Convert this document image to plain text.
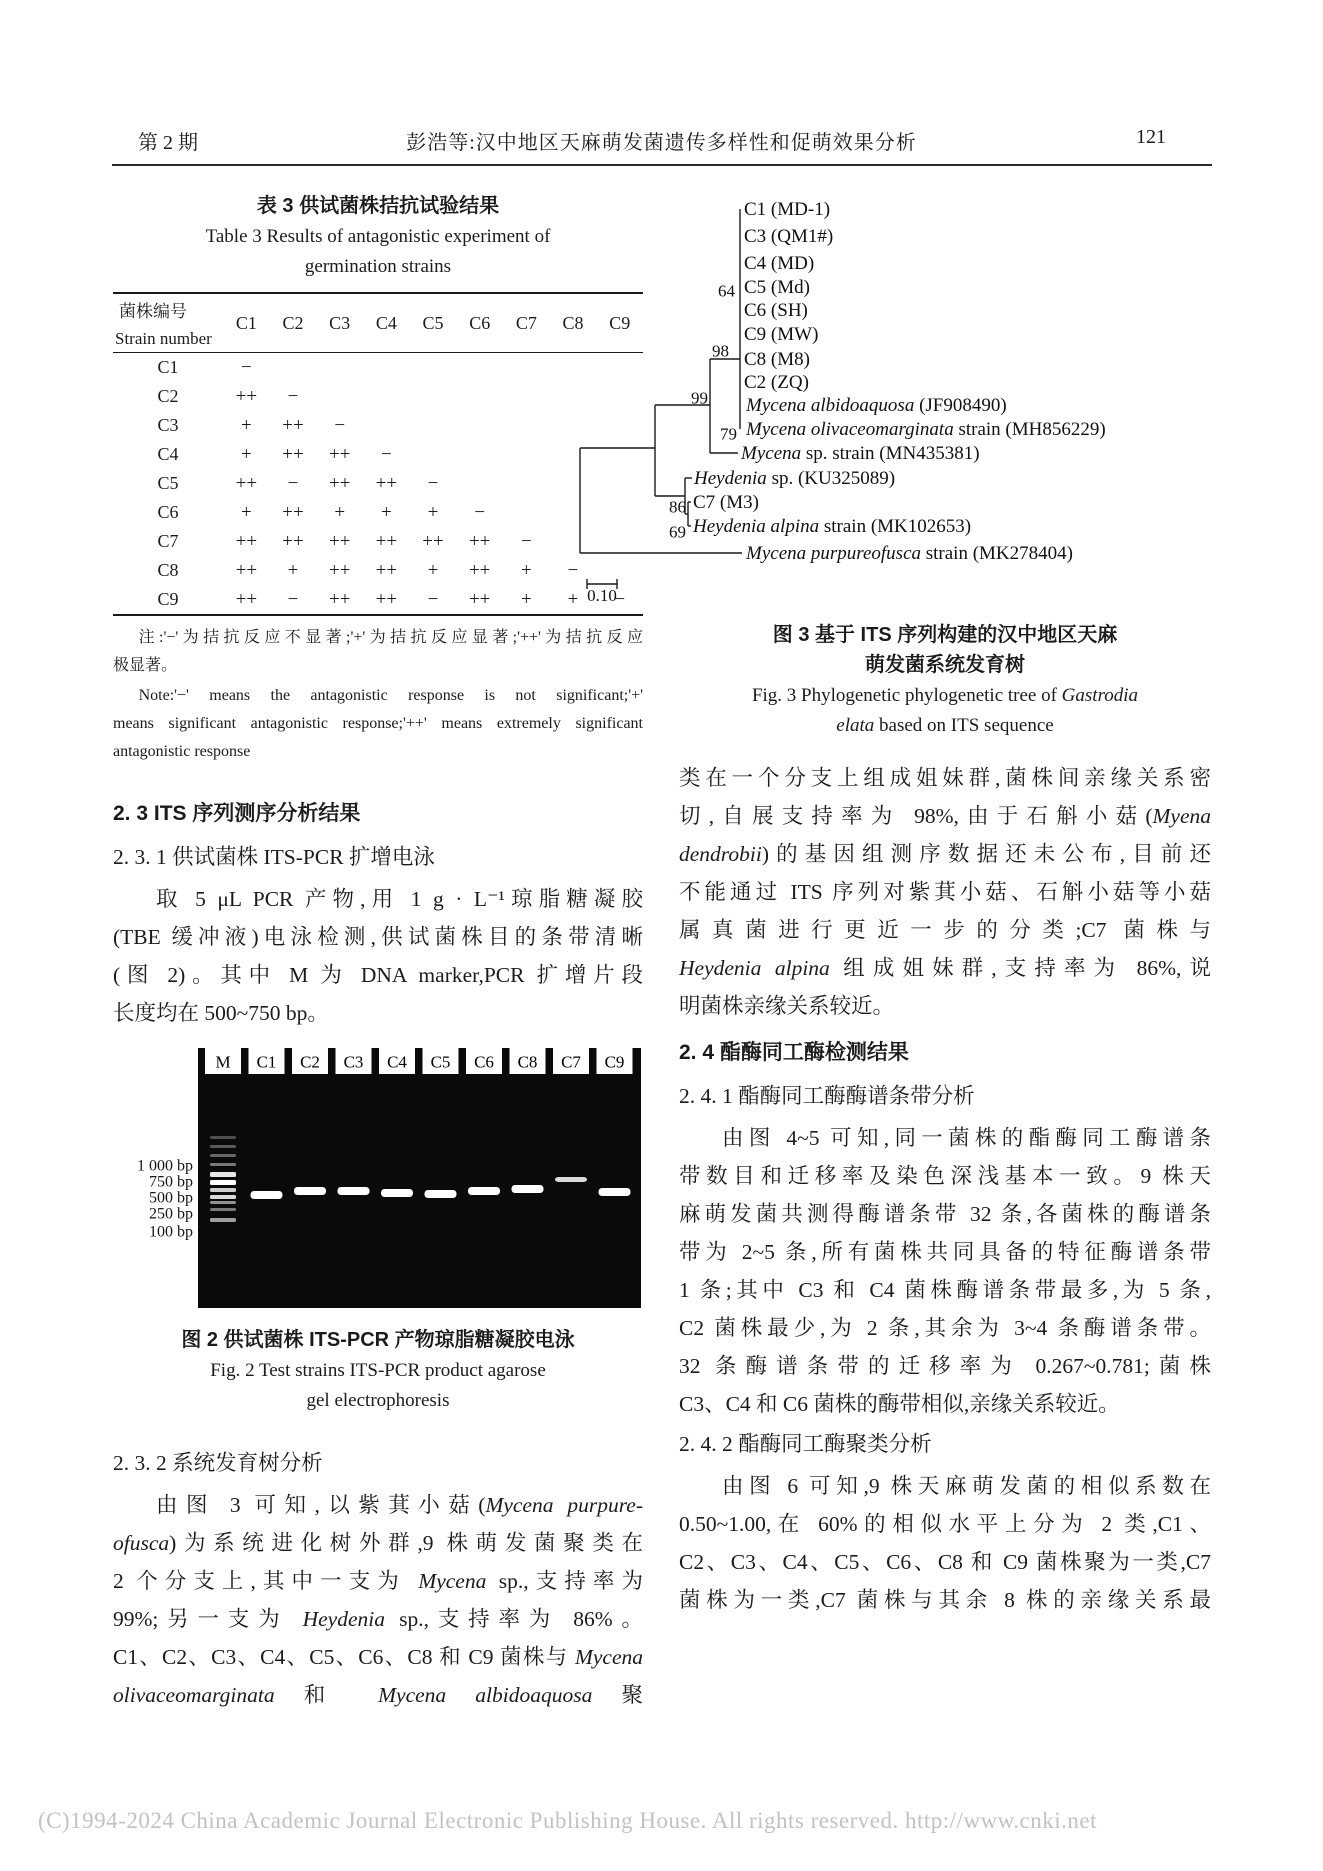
第 2 期	彭浩等:汉中地区天麻萌发菌遗传多样性和促萌效果分析	121
表 3 供试菌株拮抗试验结果
Table 3 Results of antagonistic experiment of
germination strains
菌株编号
Strain number
C1	C2	C3	C4	C5	C6	C7	C8	C9
C1	−
C2	++	−
C3	+	++	−
C4	+	++	++	−
C5	++	−	++	++	−
C6	+	++	+	+	+	−
C7	++	++	++	++	++	++	−
C8	++	+	++	++	+	++	+	−
C9	++	−	++	++	−	++	+	+	−
注:'−'为拮抗反应不显著;'+'为拮抗反应显著;'++'为拮抗反应
极显著。
Note:'−' means the antagonistic response is not significant;'+'
means significant antagonistic response;'++' means extremely significant
antagonistic response
2. 3 ITS 序列测序分析结果
2. 3. 1 供试菌株 ITS-PCR 扩增电泳
取 5 μL PCR 产物,用 1 g · L⁻¹琼脂糖凝胶
(TBE 缓冲液)电泳检测,供试菌株目的条带清晰
(图 2)。其中 M 为 DNA marker,PCR 扩增片段
长度均在 500~750 bp。
M C1 C2 C3 C4 C5 C6 C8 C7 C9
1 000 bp
750 bp
500 bp
250 bp
100 bp
图 2 供试菌株 ITS-PCR 产物琼脂糖凝胶电泳
Fig. 2 Test strains ITS-PCR product agarose
gel electrophoresis
2. 3. 2 系统发育树分析
由图 3 可知,以紫萁小菇(Mycena purpure-
ofusca)为系统进化树外群,9 株萌发菌聚类在
2 个分支上,其中一支为 Mycena sp.,支持率为
99%;另一支为 Heydenia sp.,支持率为 86%。
C1、C2、C3、C4、C5、C6、C8 和 C9 菌株与 Mycena
olivaceomarginata 和 Mycena albidoaquosa 聚
C1 (MD-1)
C3 (QM1#)
C4 (MD)
C5 (Md)
C6 (SH)
C9 (MW)
C8 (M8)
C2 (ZQ)
Mycena albidoaquosa (JF908490)
Mycena olivaceomarginata strain (MH856229)
Mycena sp. strain (MN435381)
Heydenia sp. (KU325089)
C7 (M3)
Heydenia alpina strain (MK102653)
Mycena purpureofusca strain (MK278404)
64
98
99
79
86
69
0.10
图 3 基于 ITS 序列构建的汉中地区天麻
萌发菌系统发育树
Fig. 3 Phylogenetic phylogenetic tree of Gastrodia
elata based on ITS sequence
类在一个分支上组成姐妹群,菌株间亲缘关系密
切,自展支持率为 98%,由于石斛小菇(Myena
dendrobii)的基因组测序数据还未公布,目前还
不能通过 ITS 序列对紫萁小菇、石斛小菇等小菇
属真菌进行更近一步的分类;C7 菌株与
Heydenia alpina 组成姐妹群,支持率为 86%,说
明菌株亲缘关系较近。
2. 4 酯酶同工酶检测结果
2. 4. 1 酯酶同工酶酶谱条带分析
由图 4~5 可知,同一菌株的酯酶同工酶谱条
带数目和迁移率及染色深浅基本一致。9 株天
麻萌发菌共测得酶谱条带 32 条,各菌株的酶谱条
带为 2~5 条,所有菌株共同具备的特征酶谱条带
1 条;其中 C3 和 C4 菌株酶谱条带最多,为 5 条,
C2 菌株最少,为 2 条,其余为 3~4 条酶谱条带。
32 条酶谱条带的迁移率为 0.267~0.781;菌株
C3、C4 和 C6 菌株的酶带相似,亲缘关系较近。
2. 4. 2 酯酶同工酶聚类分析
由图 6 可知,9 株天麻萌发菌的相似系数在
0.50~1.00,在 60%的相似水平上分为 2 类,C1、
C2、C3、C4、C5、C6、C8 和 C9 菌株聚为一类,C7
菌株为一类,C7 菌株与其余 8 株的亲缘关系最
(C)1994-2024 China Academic Journal Electronic Publishing House. All rights reserved. http://www.cnki.net
